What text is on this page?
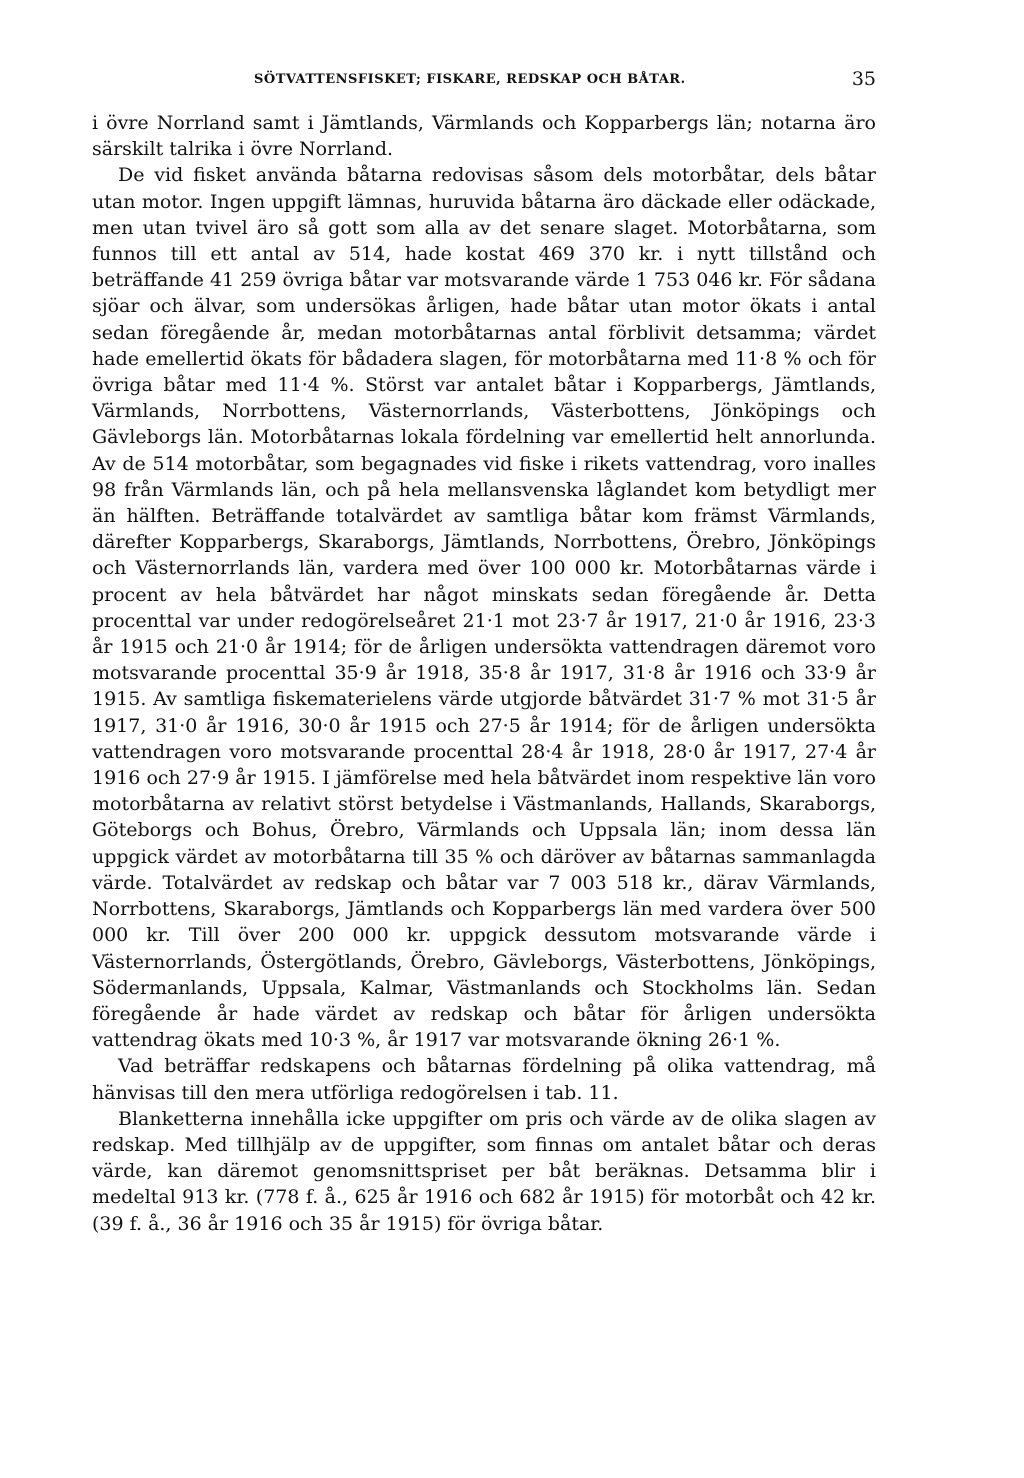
SÖTVATTENSFISKET; FISKARE, REDSKAP OCH BÅTAR.	35

i övre Norrland samt i Jämtlands, Värmlands och Kopparbergs län; notarna äro särskilt talrika i övre Norrland.

De vid fisket använda båtarna redovisas såsom dels motorbåtar, dels båtar utan motor. Ingen uppgift lämnas, huruvida båtarna äro däckade eller odäckade, men utan tvivel äro så gott som alla av det senare slaget. Motorbåtarna, som funnos till ett antal av 514, hade kostat 469 370 kr. i nytt tillstånd och beträffande 41 259 övriga båtar var motsvarande värde 1 753 046 kr. För sådana sjöar och älvar, som undersökas årligen, hade båtar utan motor ökats i antal sedan föregående år, medan motorbåtarnas antal förblivit detsamma; värdet hade emellertid ökats för bådadera slagen, för motorbåtarna med 11·8 % och för övriga båtar med 11·4 %. Störst var antalet båtar i Kopparbergs, Jämtlands, Värmlands, Norrbottens, Västernorrlands, Västerbottens, Jönköpings och Gävleborgs län. Motorbåtarnas lokala fördelning var emellertid helt annorlunda. Av de 514 motorbåtar, som begagnades vid fiske i rikets vattendrag, voro inalles 98 från Värmlands län, och på hela mellansvenska låglandet kom betydligt mer än hälften. Beträffande totalvärdet av samtliga båtar kom främst Värmlands, därefter Kopparbergs, Skaraborgs, Jämtlands, Norrbottens, Örebro, Jönköpings och Västernorrlands län, vardera med över 100 000 kr. Motorbåtarnas värde i procent av hela båtvärdet har något minskats sedan föregående år. Detta procenttal var under redogörelseåret 21·1 mot 23·7 år 1917, 21·0 år 1916, 23·3 år 1915 och 21·0 år 1914; för de årligen undersökta vattendragen däremot voro motsvarande procenttal 35·9 år 1918, 35·8 år 1917, 31·8 år 1916 och 33·9 år 1915. Av samtliga fiskematerielens värde utgjorde båtvärdet 31·7 % mot 31·5 år 1917, 31·0 år 1916, 30·0 år 1915 och 27·5 år 1914; för de årligen undersökta vattendragen voro motsvarande procenttal 28·4 år 1918, 28·0 år 1917, 27·4 år 1916 och 27·9 år 1915. I jämförelse med hela båtvärdet inom respektive län voro motorbåtarna av relativt störst betydelse i Västmanlands, Hallands, Skaraborgs, Göteborgs och Bohus, Örebro, Värmlands och Uppsala län; inom dessa län uppgick värdet av motorbåtarna till 35 % och däröver av båtarnas sammanlagda värde. Totalvärdet av redskap och båtar var 7 003 518 kr., därav Värmlands, Norrbottens, Skaraborgs, Jämtlands och Kopparbergs län med vardera över 500 000 kr. Till över 200 000 kr. uppgick dessutom motsvarande värde i Västernorrlands, Östergötlands, Örebro, Gävleborgs, Västerbottens, Jönköpings, Södermanlands, Uppsala, Kalmar, Västmanlands och Stockholms län. Sedan föregående år hade värdet av redskap och båtar för årligen undersökta vattendrag ökats med 10·3 %, år 1917 var motsvarande ökning 26·1 %.

Vad beträffar redskapens och båtarnas fördelning på olika vattendrag, må hänvisas till den mera utförliga redogörelsen i tab. 11.

Blanketterna innehålla icke uppgifter om pris och värde av de olika slagen av redskap. Med tillhjälp av de uppgifter, som finnas om antalet båtar och deras värde, kan däremot genomsnittspriset per båt beräknas. Detsamma blir i medeltal 913 kr. (778 f. å., 625 år 1916 och 682 år 1915) för motorbåt och 42 kr. (39 f. å., 36 år 1916 och 35 år 1915) för övriga båtar.
